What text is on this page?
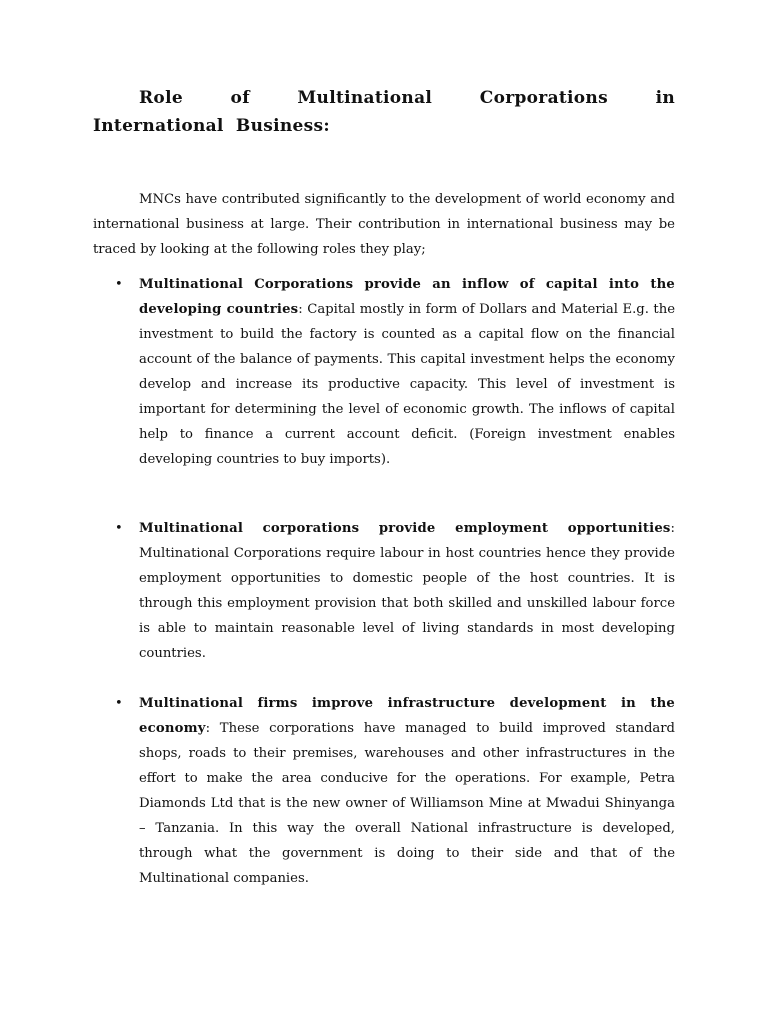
Role of Multinational Corporations in International Business:

MNCs have contributed significantly to the development of world economy and international business at large. Their contribution in international business may be traced by looking at the following roles they play;

• Multinational Corporations provide an inflow of capital into the developing countries: Capital mostly in form of Dollars and Material E.g. the investment to build the factory is counted as a capital flow on the financial account of the balance of payments. This capital investment helps the economy develop and increase its productive capacity. This level of investment is important for determining the level of economic growth. The inflows of capital help to finance a current account deficit. (Foreign investment enables developing countries to buy imports).
• Multinational corporations provide employment opportunities: Multinational Corporations require labour in host countries hence they provide employment opportunities to domestic people of the host countries. It is through this employment provision that both skilled and unskilled labour force is able to maintain reasonable level of living standards in most developing countries.
• Multinational firms improve infrastructure development in the economy: These corporations have managed to build improved standard shops, roads to their premises, warehouses and other infrastructures in the effort to make the area conducive for the operations. For example, Petra Diamonds Ltd that is the new owner of Williamson Mine at Mwadui Shinyanga – Tanzania. In this way the overall National infrastructure is developed, through what the government is doing to their side and that of the Multinational companies.
